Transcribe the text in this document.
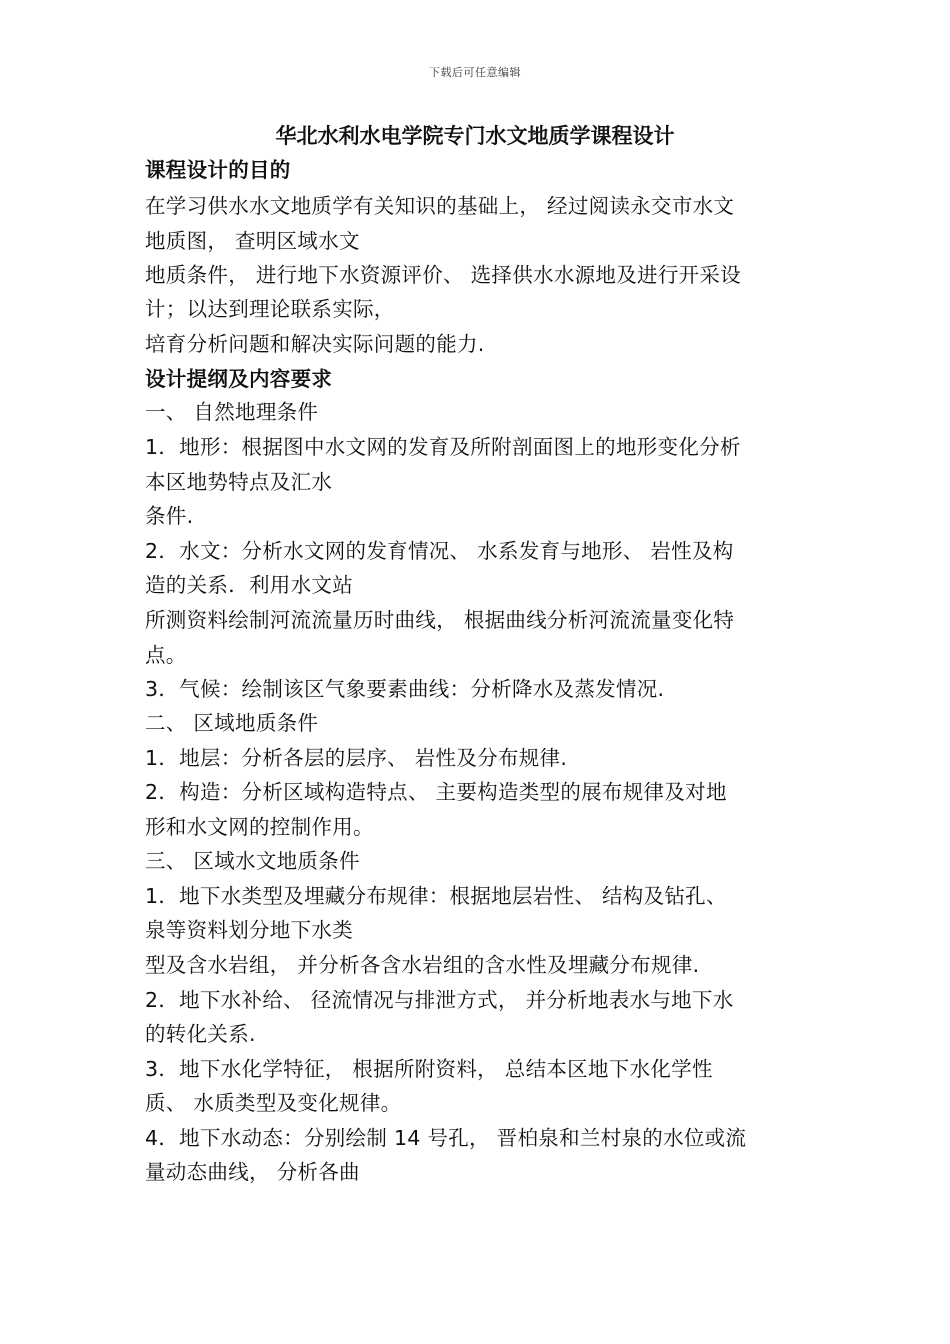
下载后可任意编辑
华北水利水电学院专门水文地质学课程设计
课程设计的目的
在学习供水水文地质学有关知识的基础上， 经过阅读永交市水文
地质图， 查明区域水文
地质条件， 进行地下水资源评价、 选择供水水源地及进行开采设
计；以达到理论联系实际，
培育分析问题和解决实际问题的能力.
设计提纲及内容要求
一、 自然地理条件
1．地形：根据图中水文网的发育及所附剖面图上的地形变化分析
本区地势特点及汇水
条件.
2．水文：分析水文网的发育情况、 水系发育与地形、 岩性及构
造的关系．利用水文站
所测资料绘制河流流量历时曲线， 根据曲线分析河流流量变化特
点。
3．气候：绘制该区气象要素曲线：分析降水及蒸发情况.
二、 区域地质条件
1．地层：分析各层的层序、 岩性及分布规律.
2．构造：分析区域构造特点、 主要构造类型的展布规律及对地
形和水文网的控制作用。
三、 区域水文地质条件
1．地下水类型及埋藏分布规律：根据地层岩性、 结构及钻孔、
泉等资料划分地下水类
型及含水岩组， 并分析各含水岩组的含水性及埋藏分布规律.
2．地下水补给、 径流情况与排泄方式， 并分析地表水与地下水
的转化关系.
3．地下水化学特征， 根据所附资料， 总结本区地下水化学性
质、 水质类型及变化规律。
4．地下水动态：分别绘制 14 号孔， 晋柏泉和兰村泉的水位或流
量动态曲线， 分析各曲
